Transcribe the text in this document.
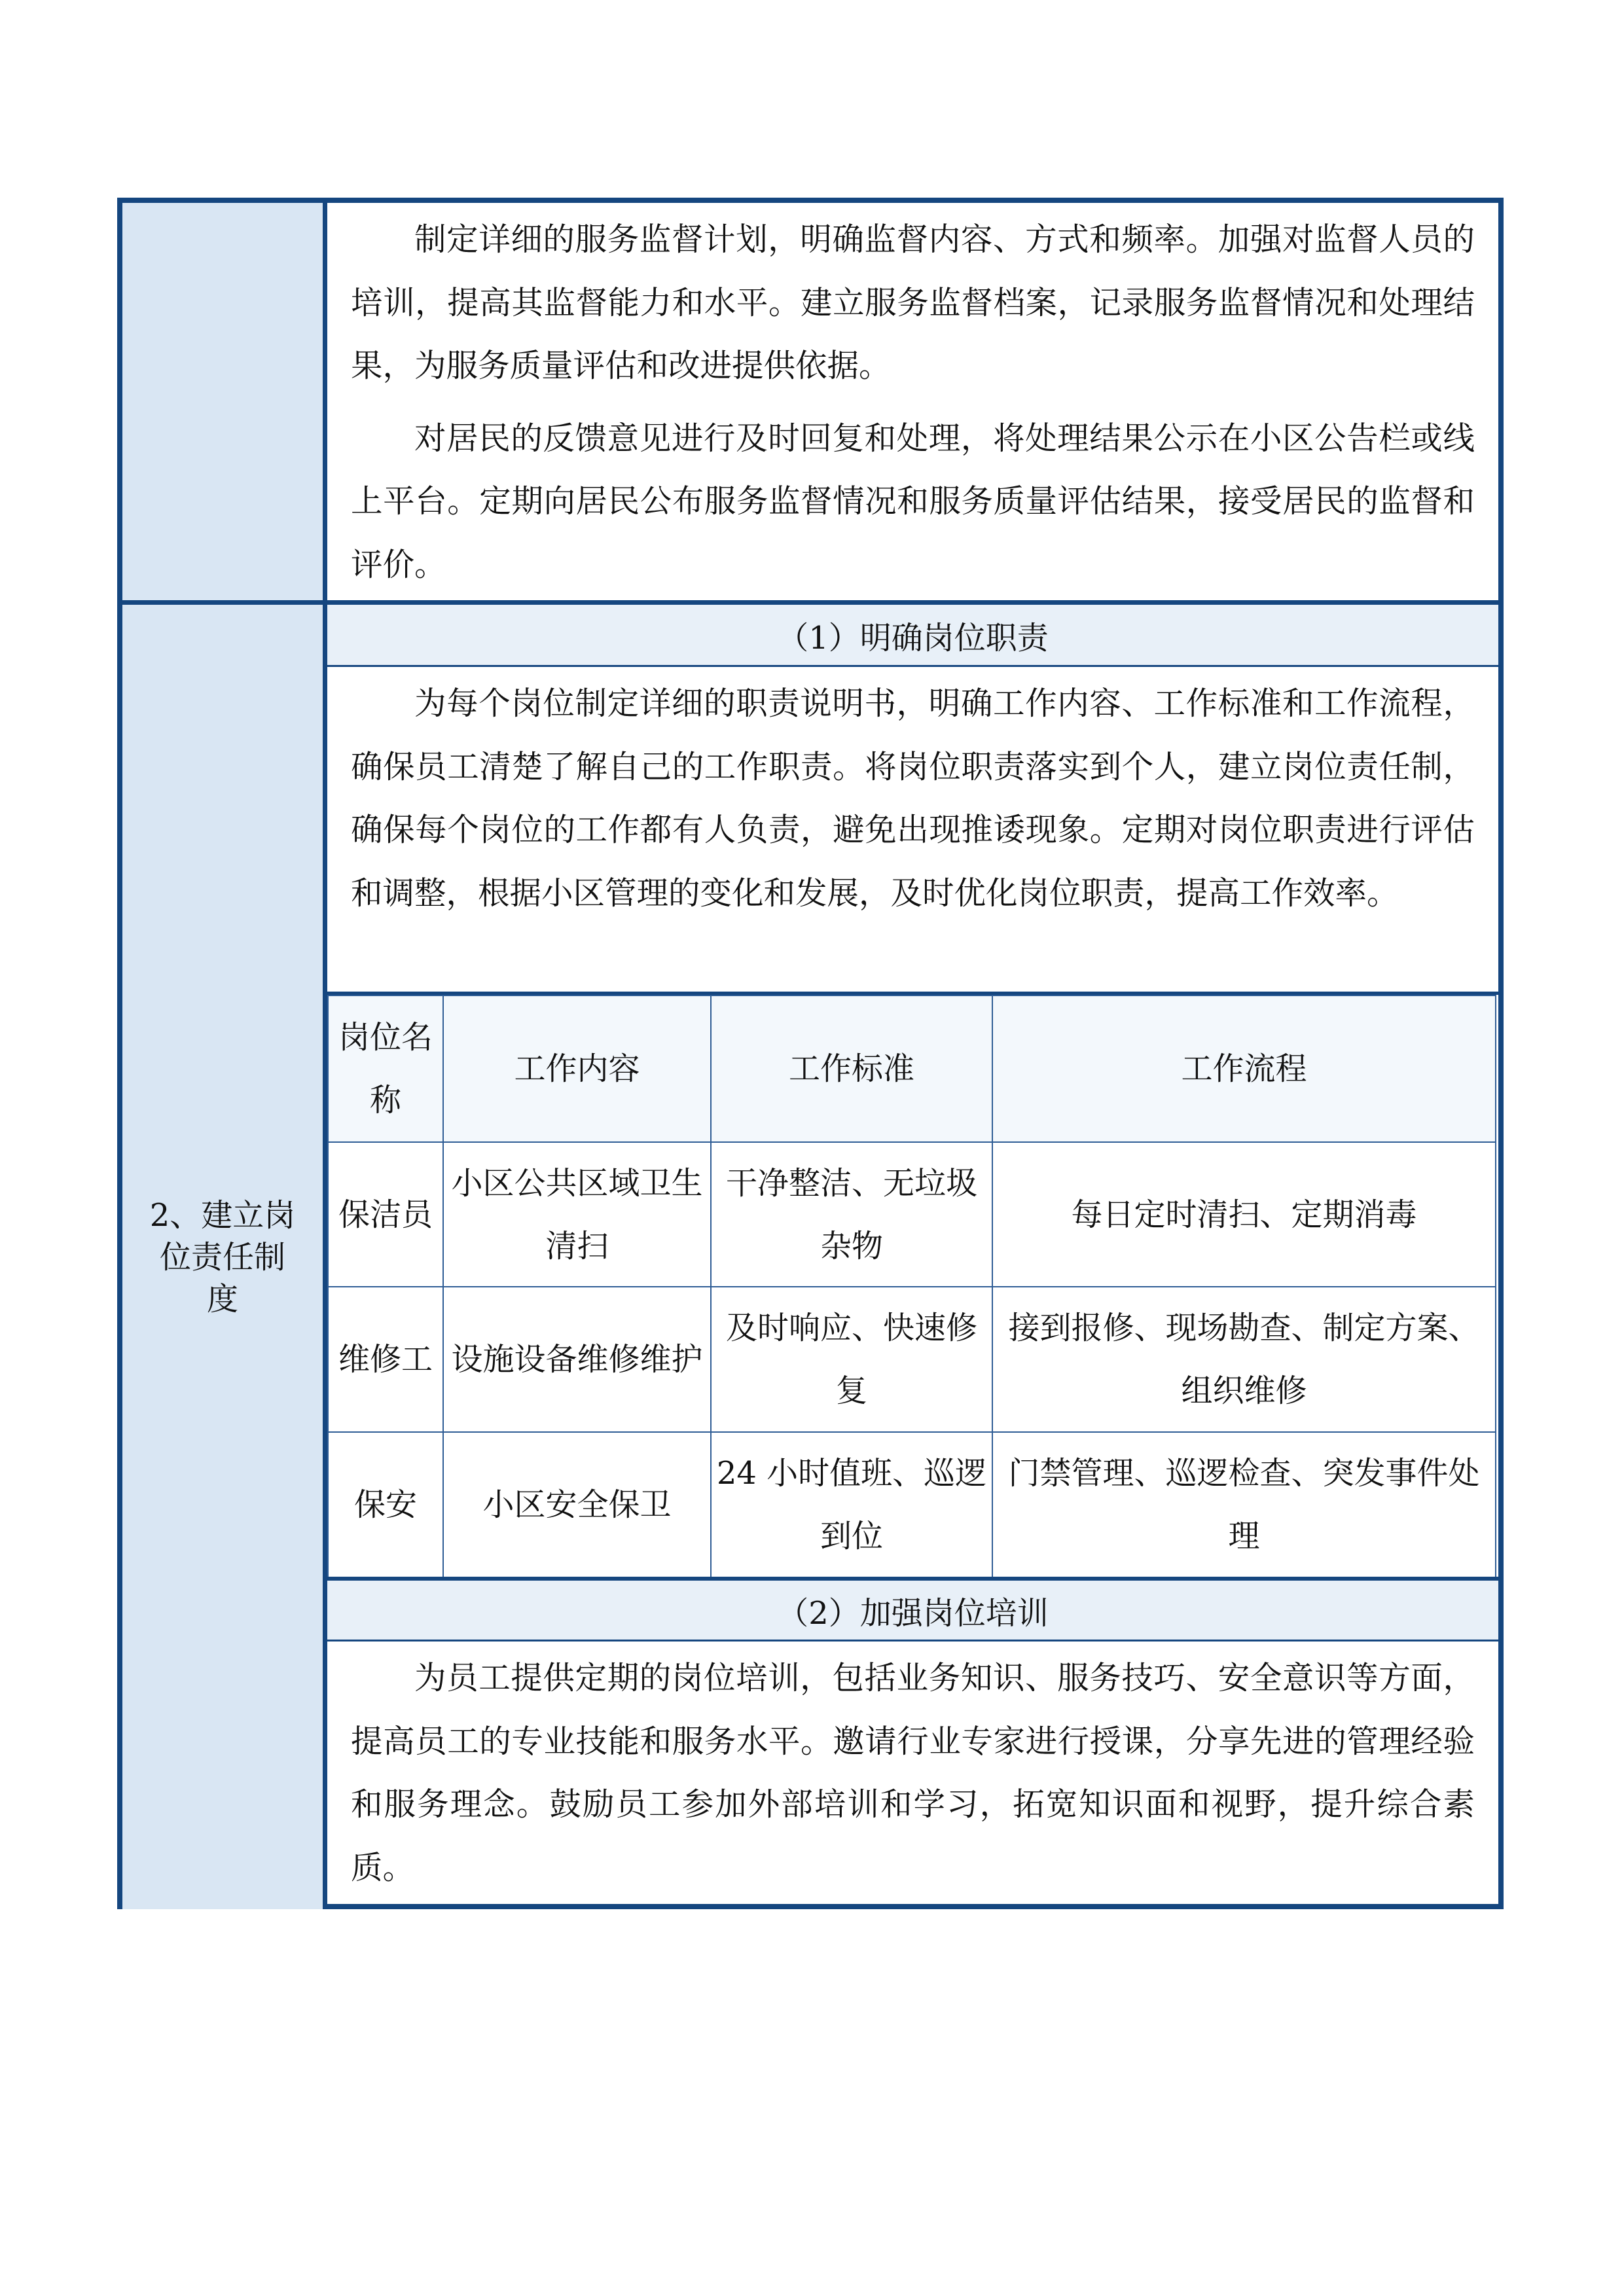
制定详细的服务监督计划，明确监督内容、方式和频率。加强对监督人员的培训，提高其监督能力和水平。建立服务监督档案，记录服务监督情况和处理结果，为服务质量评估和改进提供依据。

对居民的反馈意见进行及时回复和处理，将处理结果公示在小区公告栏或线上平台。定期向居民公布服务监督情况和服务质量评估结果，接受居民的监督和评价。

2、建立岗位责任制度
（1）明确岗位职责

为每个岗位制定详细的职责说明书，明确工作内容、工作标准和工作流程，确保员工清楚了解自己的工作职责。将岗位职责落实到个人，建立岗位责任制，确保每个岗位的工作都有人负责，避免出现推诿现象。定期对岗位职责进行评估和调整，根据小区管理的变化和发展，及时优化岗位职责，提高工作效率。

岗位名称	工作内容	工作标准	工作流程
保洁员	小区公共区域卫生清扫	干净整洁、无垃圾杂物	每日定时清扫、定期消毒
维修工	设施设备维修维护	及时响应、快速修复	接到报修、现场勘查、制定方案、组织维修
保安	小区安全保卫	24 小时值班、巡逻到位	门禁管理、巡逻检查、突发事件处理
（2）加强岗位培训

为员工提供定期的岗位培训，包括业务知识、服务技巧、安全意识等方面，提高员工的专业技能和服务水平。邀请行业专家进行授课，分享先进的管理经验和服务理念。鼓励员工参加外部培训和学习，拓宽知识面和视野，提升综合素质。
